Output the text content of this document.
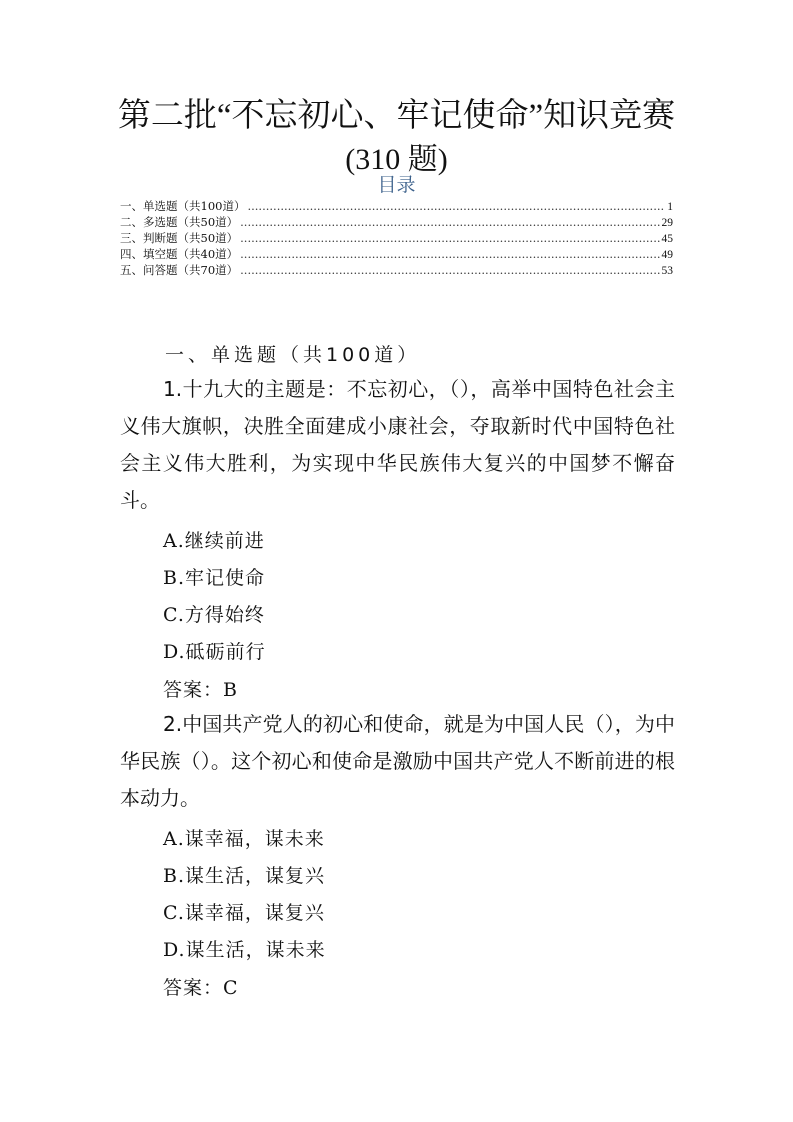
第二批“不忘初心、牢记使命”知识竞赛
(310 题)
目录
一、单选题（共100道） .....	1
二、多选题（共50道） .....	29
三、判断题（共50道） .....	45
四、填空题（共40道） .....	49
五、问答题（共70道） .....	53
一、单选题（共100道）

1.十九大的主题是：不忘初心，（），高举中国特色社会主义伟大旗帜，决胜全面建成小康社会，夺取新时代中国特色社会主义伟大胜利，为实现中华民族伟大复兴的中国梦不懈奋斗。

A.继续前进
B.牢记使命
C.方得始终
D.砥砺前行
答案：B

2.中国共产党人的初心和使命，就是为中国人民（），为中华民族（）。这个初心和使命是激励中国共产党人不断前进的根本动力。

A.谋幸福，谋未来
B.谋生活，谋复兴
C.谋幸福，谋复兴
D.谋生活，谋未来
答案：C
